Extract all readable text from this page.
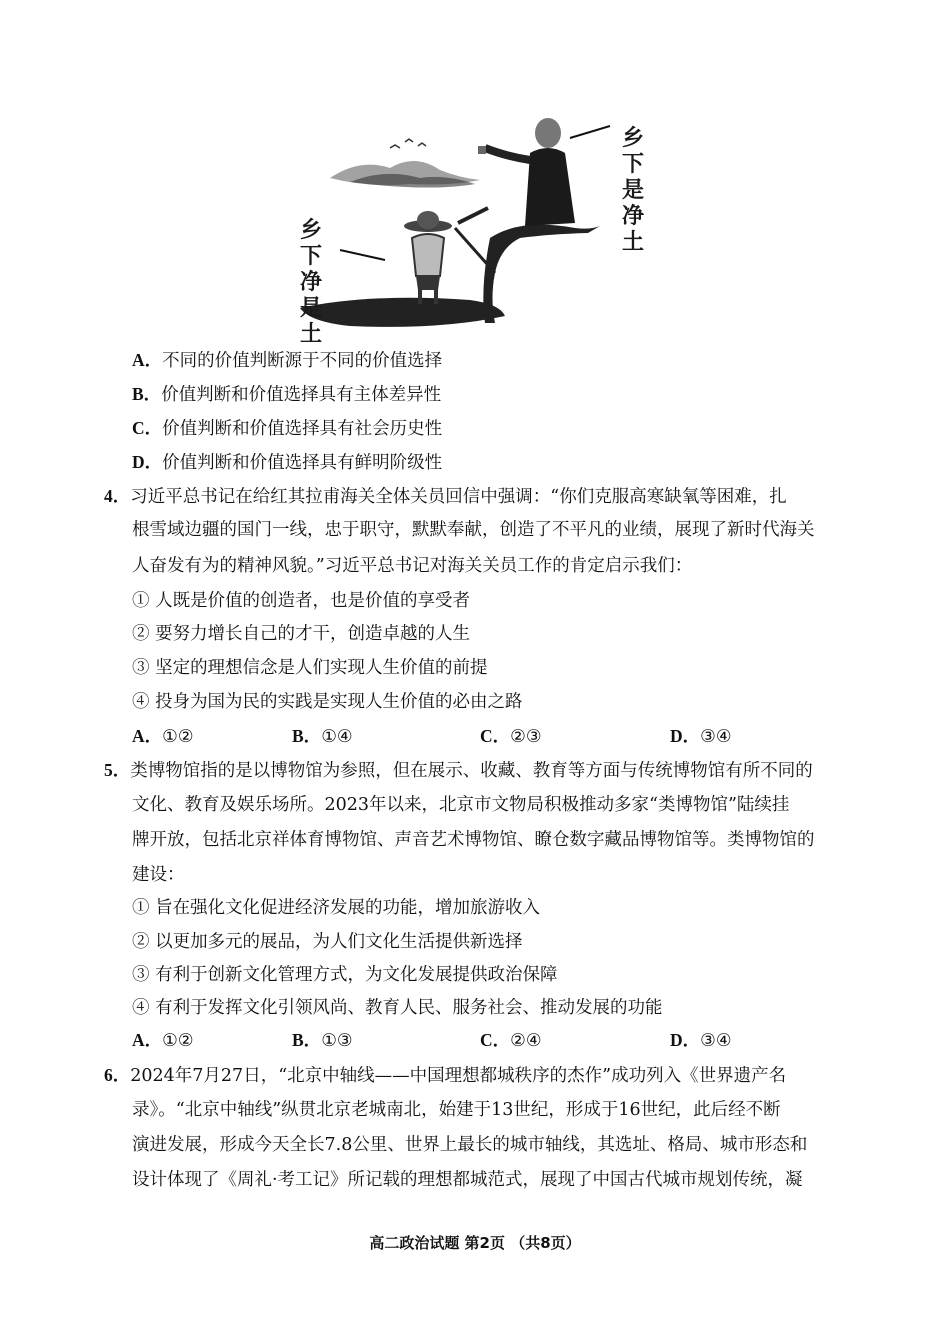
乡
下
是
净
土
乡
下
净
是
土
A．不同的价值判断源于不同的价值选择
B．价值判断和价值选择具有主体差异性
C．价值判断和价值选择具有社会历史性
D．价值判断和价值选择具有鲜明阶级性
4．习近平总书记在给红其拉甫海关全体关员回信中强调：“你们克服高寒缺氧等困难，扎
根雪域边疆的国门一线，忠于职守，默默奉献，创造了不平凡的业绩，展现了新时代海关
人奋发有为的精神风貌。”习近平总书记对海关关员工作的肯定启示我们：
① 人既是价值的创造者，也是价值的享受者
② 要努力增长自己的才干，创造卓越的人生
③ 坚定的理想信念是人们实现人生价值的前提
④ 投身为国为民的实践是实现人生价值的必由之路
A．①②	B．①④	C．②③	D．③④
5．类博物馆指的是以博物馆为参照，但在展示、收藏、教育等方面与传统博物馆有所不同的
文化、教育及娱乐场所。2023年以来，北京市文物局积极推动多家“类博物馆”陆续挂
牌开放，包括北京祥体育博物馆、声音艺术博物馆、瞭仓数字藏品博物馆等。类博物馆的
建设：
① 旨在强化文化促进经济发展的功能，增加旅游收入
② 以更加多元的展品，为人们文化生活提供新选择
③ 有利于创新文化管理方式，为文化发展提供政治保障
④ 有利于发挥文化引领风尚、教育人民、服务社会、推动发展的功能
A．①②	B．①③	C．②④	D．③④
6．2024年7月27日，“北京中轴线——中国理想都城秩序的杰作”成功列入《世界遗产名
录》。“北京中轴线”纵贯北京老城南北，始建于13世纪，形成于16世纪，此后经不断
演进发展，形成今天全长7.8公里、世界上最长的城市轴线，其选址、格局、城市形态和
设计体现了《周礼·考工记》所记载的理想都城范式，展现了中国古代城市规划传统，凝
高二政治试题 第2页 （共8页）
